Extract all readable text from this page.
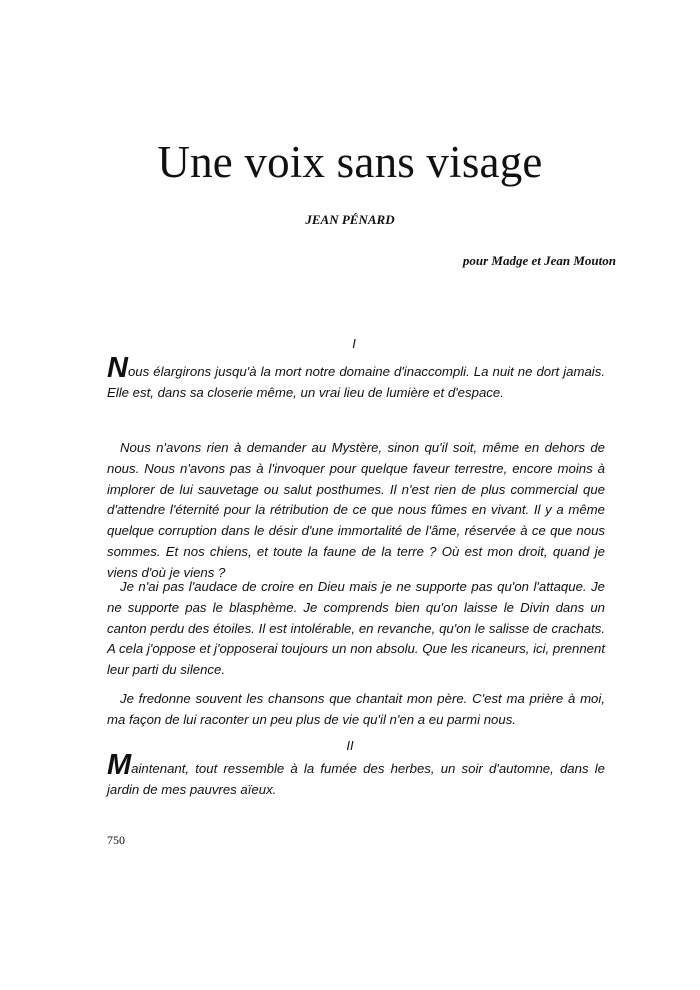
Une voix sans visage

JEAN PÉNARD

pour Madge et Jean Mouton

I

Nous élargirons jusqu'à la mort notre domaine d'inaccompli. La nuit ne dort jamais. Elle est, dans sa closerie même, un vrai lieu de lumière et d'espace.

Nous n'avons rien à demander au Mystère, sinon qu'il soit, même en dehors de nous. Nous n'avons pas à l'invoquer pour quelque faveur terrestre, encore moins à implorer de lui sauvetage ou salut posthumes. Il n'est rien de plus commercial que d'attendre l'éternité pour la rétribution de ce que nous fûmes en vivant. Il y a même quelque corruption dans le désir d'une immortalité de l'âme, réservée à ce que nous sommes. Et nos chiens, et toute la faune de la terre ? Où est mon droit, quand je viens d'où je viens ?

Je n'ai pas l'audace de croire en Dieu mais je ne supporte pas qu'on l'attaque. Je ne supporte pas le blasphème. Je comprends bien qu'on laisse le Divin dans un canton perdu des étoiles. Il est intolérable, en revanche, qu'on le salisse de crachats. A cela j'oppose et j'opposerai toujours un non absolu. Que les ricaneurs, ici, prennent leur parti du silence.

Je fredonne souvent les chansons que chantait mon père. C'est ma prière à moi, ma façon de lui raconter un peu plus de vie qu'il n'en a eu parmi nous.

II

Maintenant, tout ressemble à la fumée des herbes, un soir d'automne, dans le jardin de mes pauvres aïeux.

750
